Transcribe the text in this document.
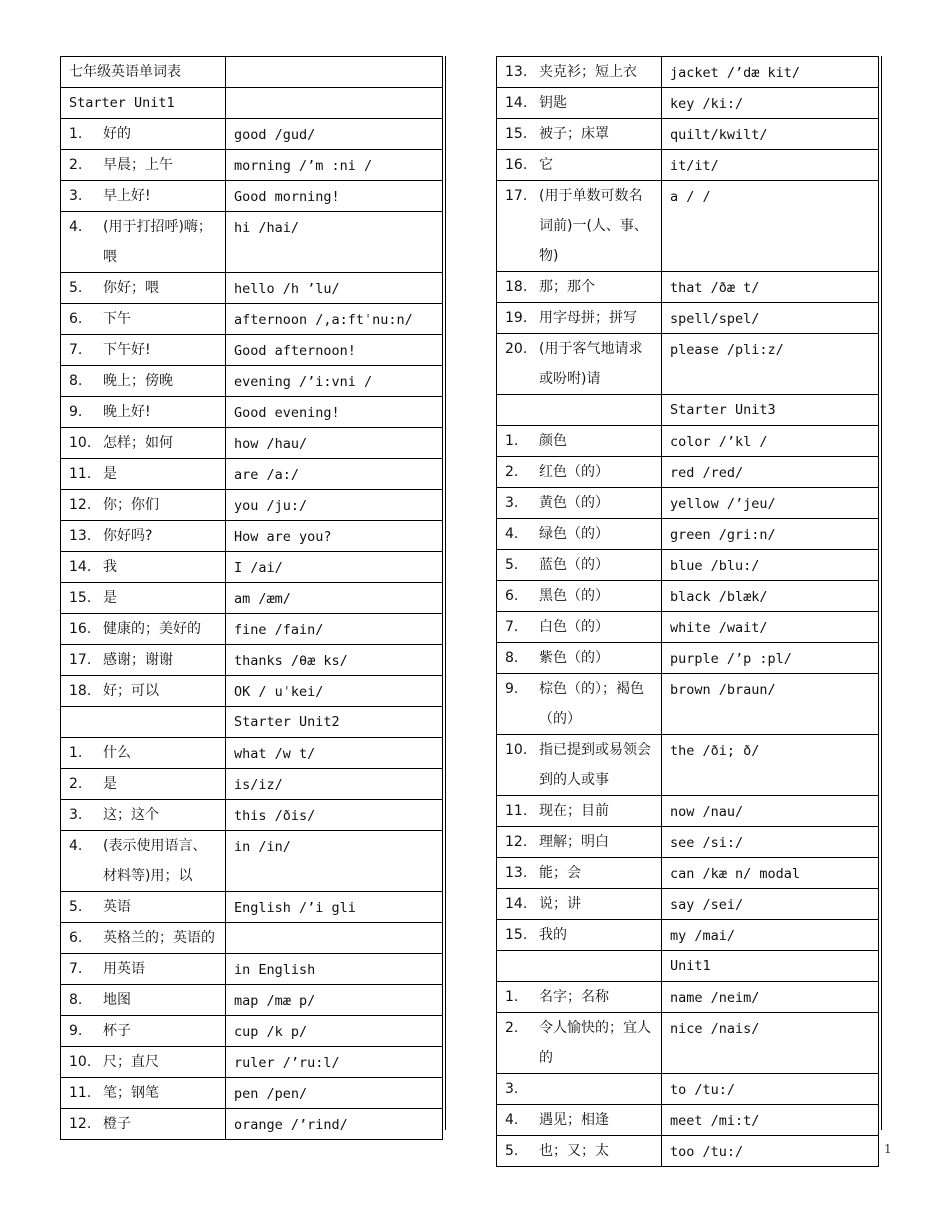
七年级英语单词表	

Starter Unit1	

1. 好的	good /gud/

2. 早晨；上午	morning /’m :ni /

3. 早上好!	Good morning!

4. (用于打招呼)嗨；喂	hi /hai/

5. 你好；喂	hello /h ’lu/

6. 下午	afternoon /,a:ftˈnu:n/

7. 下午好!	Good afternoon!

8. 晚上；傍晚	evening /’i:vni /

9. 晚上好!	Good evening!

10. 怎样；如何	how /hau/

11. 是	are /a:/

12. 你；你们	you /ju:/

13. 你好吗?	How are you?

14. 我	I /ai/

15. 是	am /æm/

16. 健康的；美好的	fine /fain/

17. 感谢；谢谢	thanks /θæ ks/

18. 好；可以	OK / uˈkei/

	Starter Unit2

1. 什么	what /w t/

2. 是	is/iz/

3. 这；这个	this /ðis/

4. (表示使用语言、材料等)用；以	in /in/

5. 英语	English /’i gli

6. 英格兰的；英语的	

7. 用英语	in English

8. 地图	map /mæ p/

9. 杯子	cup /k p/

10. 尺；直尺	ruler /’ru:l/

11. 笔；钢笔	pen /pen/

12. 橙子	orange /’rind/
13. 夹克衫；短上衣	jacket /’dæ kit/

14. 钥匙	key /ki:/

15. 被子；床罩	quilt/kwilt/

16. 它	it/it/

17. (用于单数可数名词前)一(人、事、物)	a / /

18. 那；那个	that /ðæ t/

19. 用字母拼；拼写	spell/spel/

20. (用于客气地请求或吩咐)请	please /pli:z/

	Starter Unit3

1. 颜色	color /’kl /

2. 红色（的）	red /red/

3. 黄色（的）	yellow /’jeu/

4. 绿色（的）	green /gri:n/

5. 蓝色（的）	blue /blu:/

6. 黑色（的）	black /blæk/

7. 白色（的）	white /wait/

8. 紫色（的）	purple /’p :pl/

9. 棕色（的）；褐色（的）	brown /braun/

10. 指已提到或易领会到的人或事	the /ði; ð/

11. 现在；目前	now /nau/

12. 理解；明白	see /si:/

13. 能；会	can /kæ n/ modal

14. 说；讲	say /sei/

15. 我的	my /mai/

	Unit1

1. 名字；名称	name /neim/

2. 令人愉快的；宜人的	nice /nais/

3.	to /tu:/

4. 遇见；相逢	meet /mi:t/

5. 也；又；太	too /tu:/	1
